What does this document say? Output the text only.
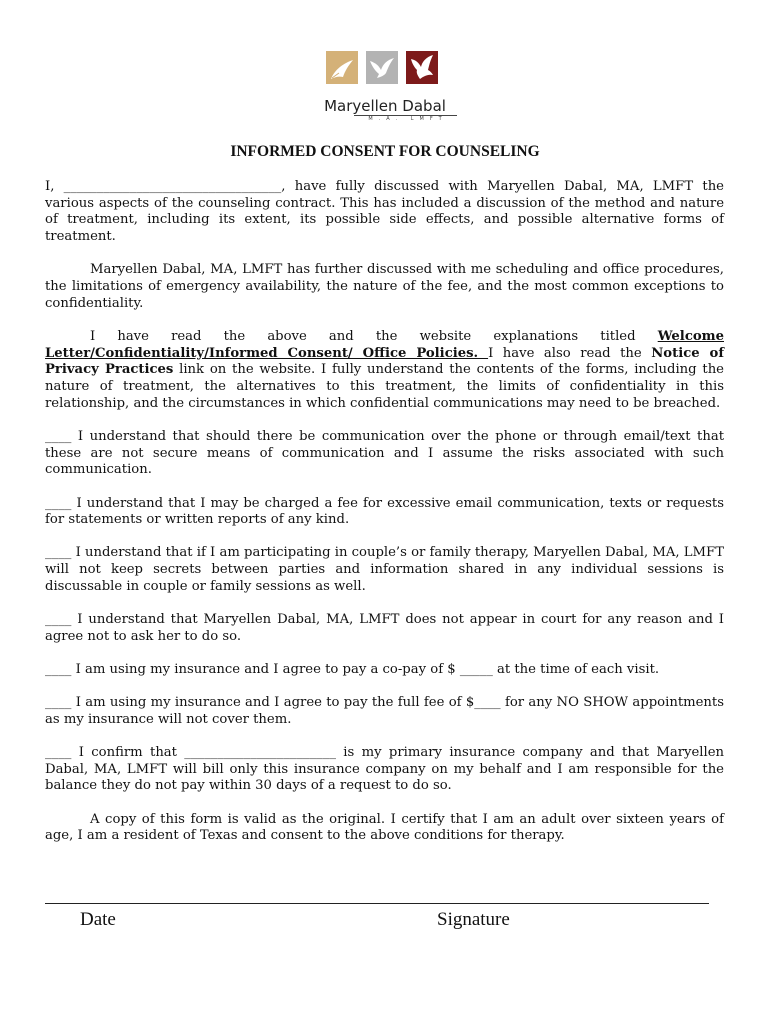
Maryellen Dabal
M.A. LMFT
INFORMED CONSENT FOR COUNSELING

I, _________________________________, have fully discussed with Maryellen Dabal, MA, LMFT the various aspects of the counseling contract. This has included a discussion of the method and nature of treatment, including its extent, its possible side effects, and possible alternative forms of treatment.

Maryellen Dabal, MA, LMFT has further discussed with me scheduling and office procedures, the limitations of emergency availability, the nature of the fee, and the most common exceptions to confidentiality.

I have read the above and the website explanations titled Welcome Letter/Confidentiality/Informed Consent/ Office Policies. I have also read the Notice of Privacy Practices link on the website. I fully understand the contents of the forms, including the nature of treatment, the alternatives to this treatment, the limits of confidentiality in this relationship, and the circumstances in which confidential communications may need to be breached.

____ I understand that should there be communication over the phone or through email/text that these are not secure means of communication and I assume the risks associated with such communication.

____ I understand that I may be charged a fee for excessive email communication, texts or requests for statements or written reports of any kind.

____ I understand that if I am participating in couple’s or family therapy, Maryellen Dabal, MA, LMFT will not keep secrets between parties and information shared in any individual sessions is discussable in couple or family sessions as well.

____ I understand that Maryellen Dabal, MA, LMFT does not appear in court for any reason and I agree not to ask her to do so.

____ I am using my insurance and I agree to pay a co-pay of $ _____ at the time of each visit.

____ I am using my insurance and I agree to pay the full fee of $____ for any NO SHOW appointments as my insurance will not cover them.

____ I confirm that _______________________ is my primary insurance company and that Maryellen Dabal, MA, LMFT will bill only this insurance company on my behalf and I am responsible for the balance they do not pay within 30 days of a request to do so.

A copy of this form is valid as the original. I certify that I am an adult over sixteen years of age, I am a resident of Texas and consent to the above conditions for therapy.

Date	Signature
